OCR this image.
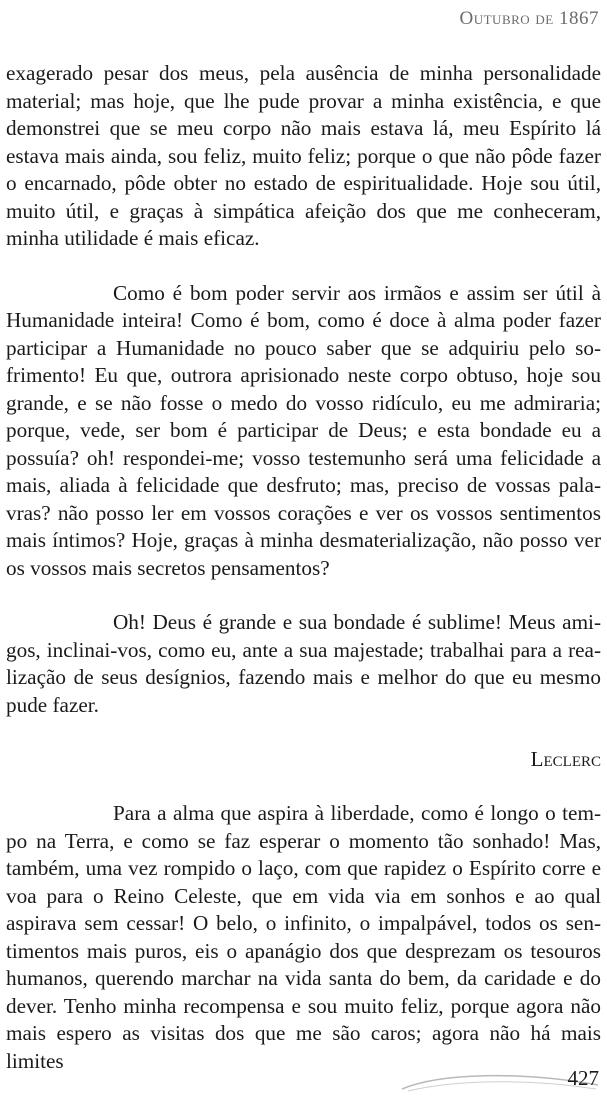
Outubro de 1867

exagerado pesar dos meus, pela ausência de minha personalidade material; mas hoje, que lhe pude provar a minha existência, e que demonstrei que se meu corpo não mais estava lá, meu Espírito lá estava mais ainda, sou feliz, muito feliz; porque o que não pôde fazer o encarnado, pôde obter no estado de espiritualidade. Hoje sou útil, muito útil, e graças à simpática afeição dos que me conheceram, minha utilidade é mais eficaz.

Como é bom poder servir aos irmãos e assim ser útil à Humanidade inteira! Como é bom, como é doce à alma poder fazer participar a Humanidade no pouco saber que se adquiriu pelo sofrimento! Eu que, outrora aprisionado neste corpo obtuso, hoje sou grande, e se não fosse o medo do vosso ridículo, eu me admiraria; porque, vede, ser bom é participar de Deus; e esta bondade eu a possuía? oh! respondei-me; vosso testemunho será uma felicidade a mais, aliada à felicidade que desfruto; mas, preciso de vossas palavras? não posso ler em vossos corações e ver os vossos sentimentos mais íntimos? Hoje, graças à minha desmaterialização, não posso ver os vossos mais secretos pensamentos?

Oh! Deus é grande e sua bondade é sublime! Meus amigos, inclinai-vos, como eu, ante a sua majestade; trabalhai para a realização de seus desígnios, fazendo mais e melhor do que eu mesmo pude fazer.

Leclerc

Para a alma que aspira à liberdade, como é longo o tempo na Terra, e como se faz esperar o momento tão sonhado! Mas, também, uma vez rompido o laço, com que rapidez o Espírito corre e voa para o Reino Celeste, que em vida via em sonhos e ao qual aspirava sem cessar! O belo, o infinito, o impalpável, todos os sentimentos mais puros, eis o apanágio dos que desprezam os tesouros humanos, querendo marchar na vida santa do bem, da caridade e do dever. Tenho minha recompensa e sou muito feliz, porque agora não mais espero as visitas dos que me são caros; agora não há mais limites

427
